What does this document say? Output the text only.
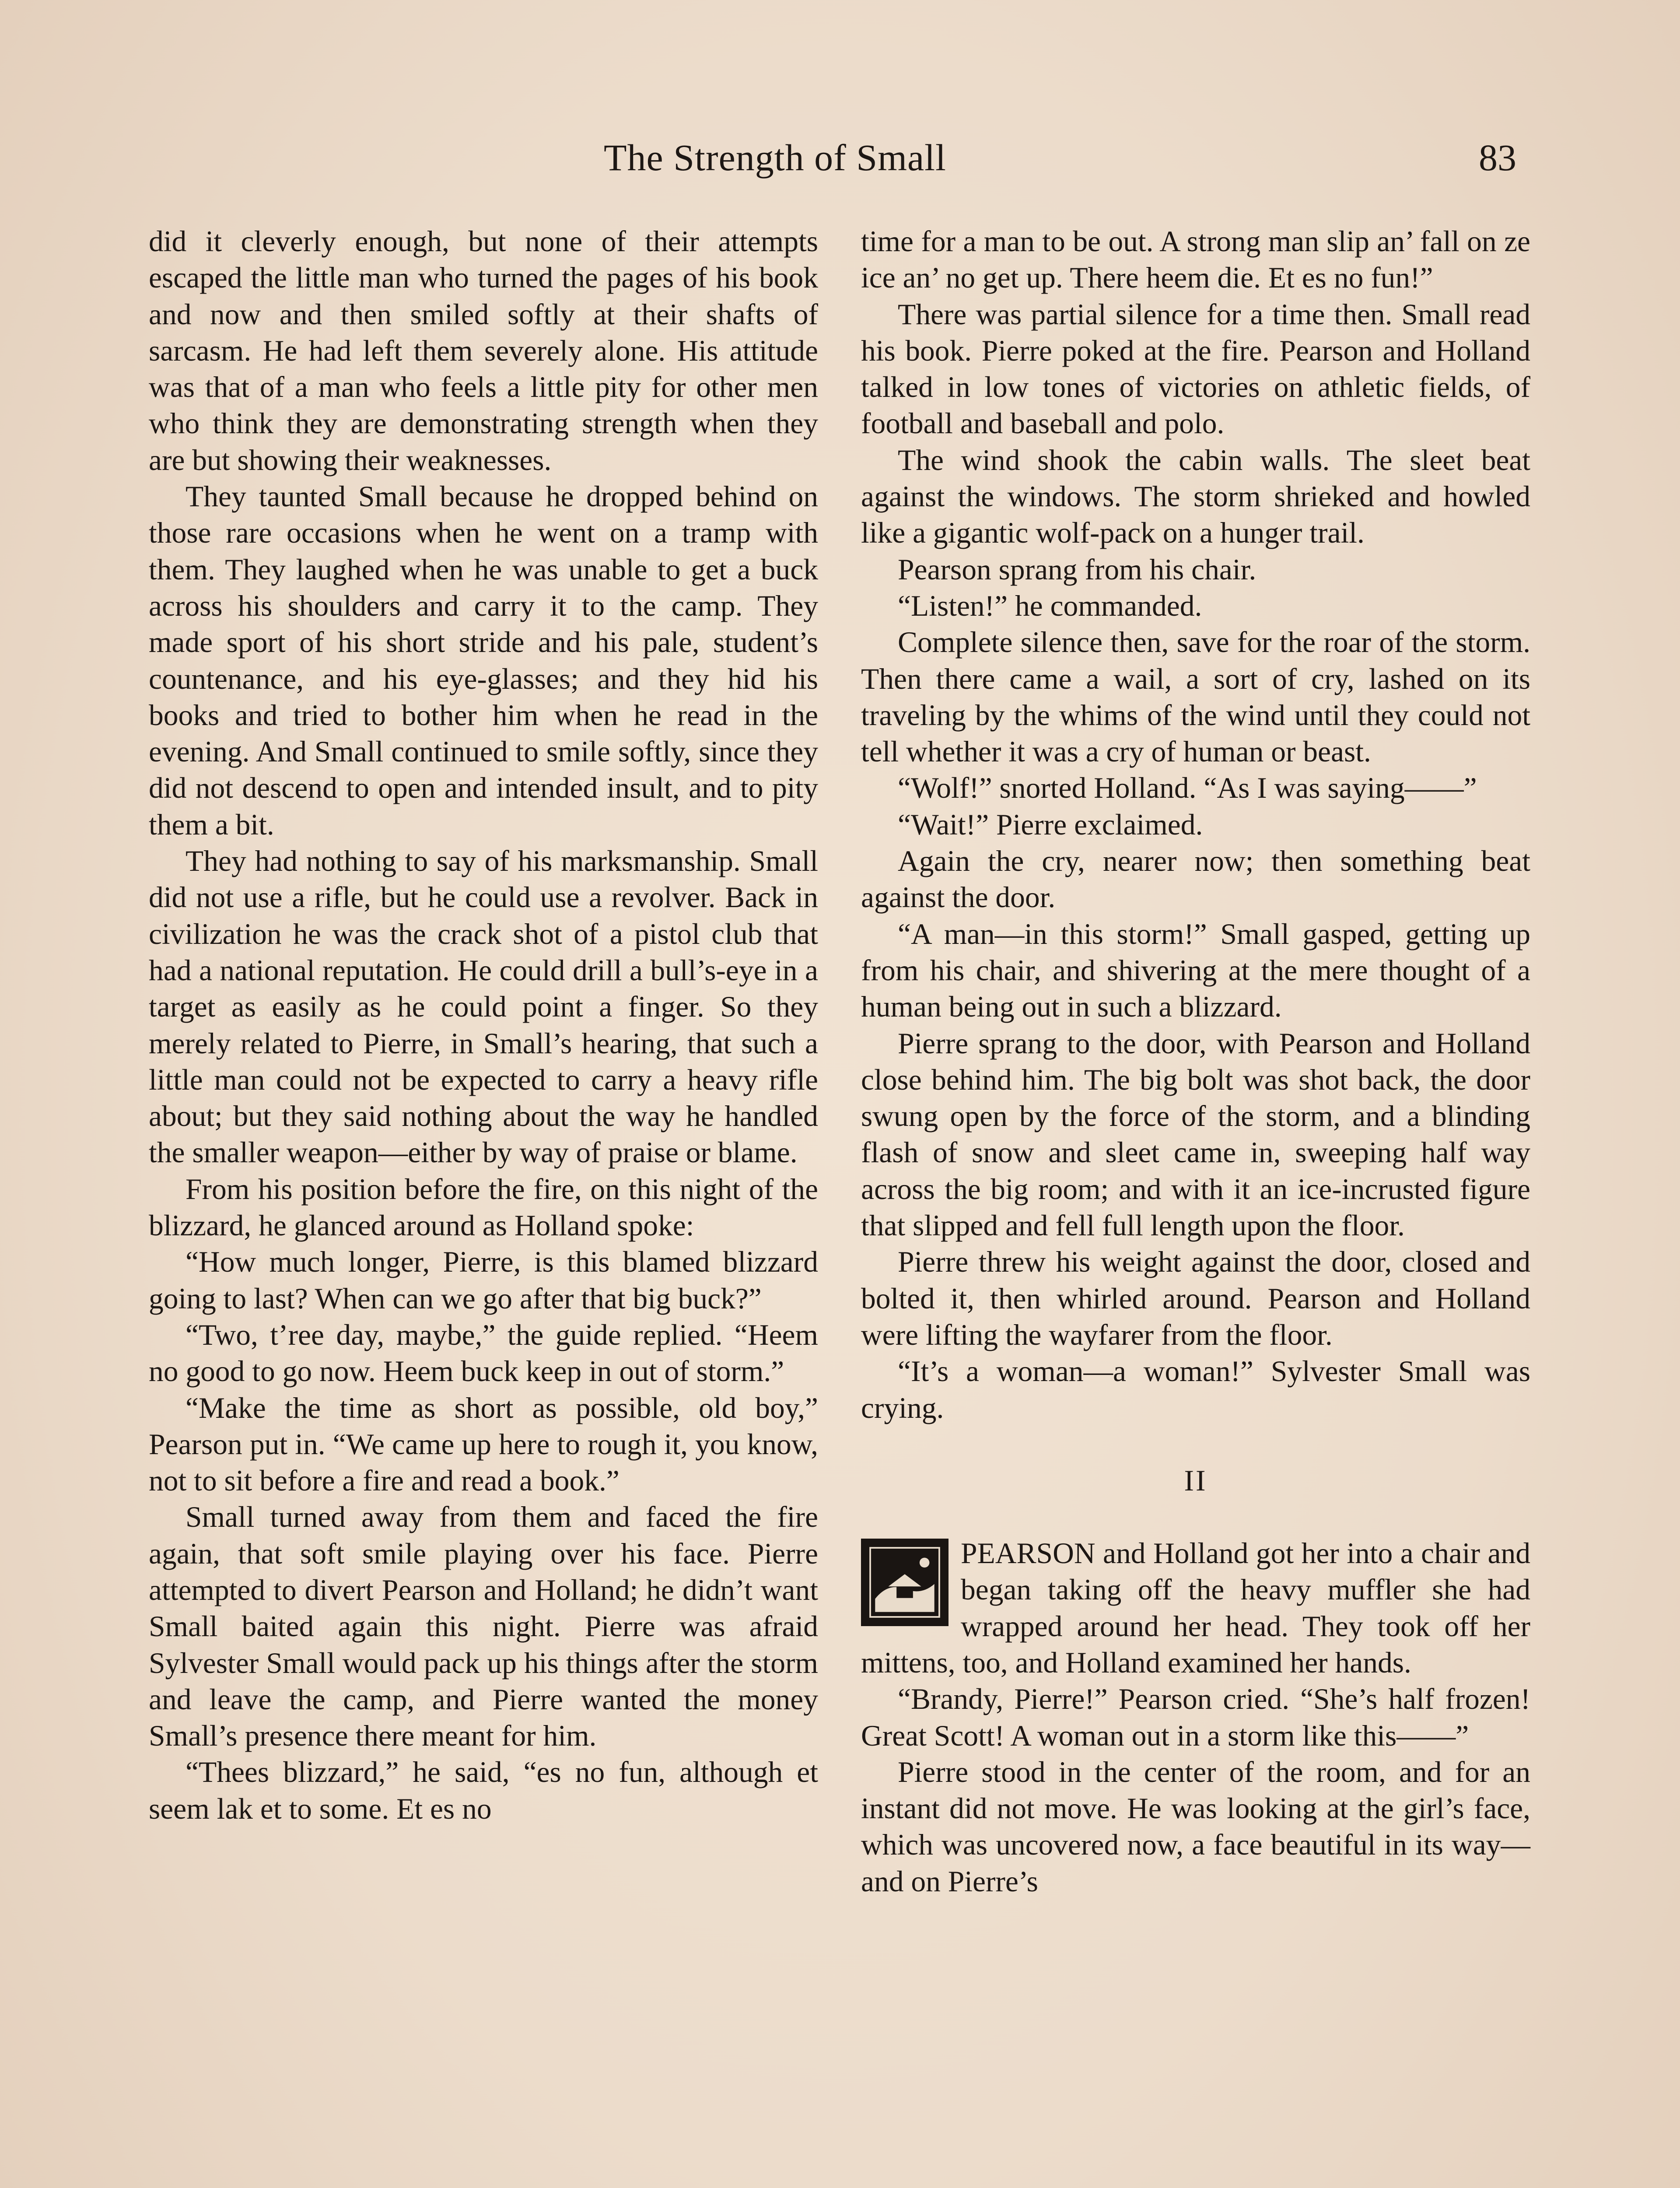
The Strength of Small	83

did it cleverly enough, but none of their attempts escaped the little man who turned the pages of his book and now and then smiled softly at their shafts of sarcasm. He had left them severely alone. His attitude was that of a man who feels a little pity for other men who think they are demonstrating strength when they are but showing their weaknesses.

They taunted Small because he dropped behind on those rare occasions when he went on a tramp with them. They laughed when he was unable to get a buck across his shoulders and carry it to the camp. They made sport of his short stride and his pale, student’s countenance, and his eye-glasses; and they hid his books and tried to bother him when he read in the evening. And Small continued to smile softly, since they did not descend to open and intended insult, and to pity them a bit.

They had nothing to say of his marksmanship. Small did not use a rifle, but he could use a revolver. Back in civilization he was the crack shot of a pistol club that had a national reputation. He could drill a bull’s-eye in a target as easily as he could point a finger. So they merely related to Pierre, in Small’s hearing, that such a little man could not be expected to carry a heavy rifle about; but they said nothing about the way he handled the smaller weapon—either by way of praise or blame.

From his position before the fire, on this night of the blizzard, he glanced around as Holland spoke:

“How much longer, Pierre, is this blamed blizzard going to last? When can we go after that big buck?”

“Two, t’ree day, maybe,” the guide replied. “Heem no good to go now. Heem buck keep in out of storm.”

“Make the time as short as possible, old boy,” Pearson put in. “We came up here to rough it, you know, not to sit before a fire and read a book.”

Small turned away from them and faced the fire again, that soft smile playing over his face. Pierre attempted to divert Pearson and Holland; he didn’t want Small baited again this night. Pierre was afraid Sylvester Small would pack up his things after the storm and leave the camp, and Pierre wanted the money Small’s presence there meant for him.

“Thees blizzard,” he said, “es no fun, although et seem lak et to some. Et es no

time for a man to be out. A strong man slip an’ fall on ze ice an’ no get up. There heem die. Et es no fun!”

There was partial silence for a time then. Small read his book. Pierre poked at the fire. Pearson and Holland talked in low tones of victories on athletic fields, of football and baseball and polo.

The wind shook the cabin walls. The sleet beat against the windows. The storm shrieked and howled like a gigantic wolf-pack on a hunger trail.

Pearson sprang from his chair.

“Listen!” he commanded.

Complete silence then, save for the roar of the storm. Then there came a wail, a sort of cry, lashed on its traveling by the whims of the wind until they could not tell whether it was a cry of human or beast.

“Wolf!” snorted Holland. “As I was saying——”

“Wait!” Pierre exclaimed.

Again the cry, nearer now; then something beat against the door.

“A man—in this storm!” Small gasped, getting up from his chair, and shivering at the mere thought of a human being out in such a blizzard.

Pierre sprang to the door, with Pearson and Holland close behind him. The big bolt was shot back, the door swung open by the force of the storm, and a blinding flash of snow and sleet came in, sweeping half way across the big room; and with it an ice-incrusted figure that slipped and fell full length upon the floor.

Pierre threw his weight against the door, closed and bolted it, then whirled around. Pearson and Holland were lifting the wayfarer from the floor.

“It’s a woman—a woman!” Sylvester Small was crying.

II

PEARSON and Holland got her into a chair and began taking off the heavy muffler she had wrapped around her head. They took off her mittens, too, and Holland examined her hands.

“Brandy, Pierre!” Pearson cried. “She’s half frozen! Great Scott! A woman out in a storm like this——”

Pierre stood in the center of the room, and for an instant did not move. He was looking at the girl’s face, which was uncovered now, a face beautiful in its way—and on Pierre’s
